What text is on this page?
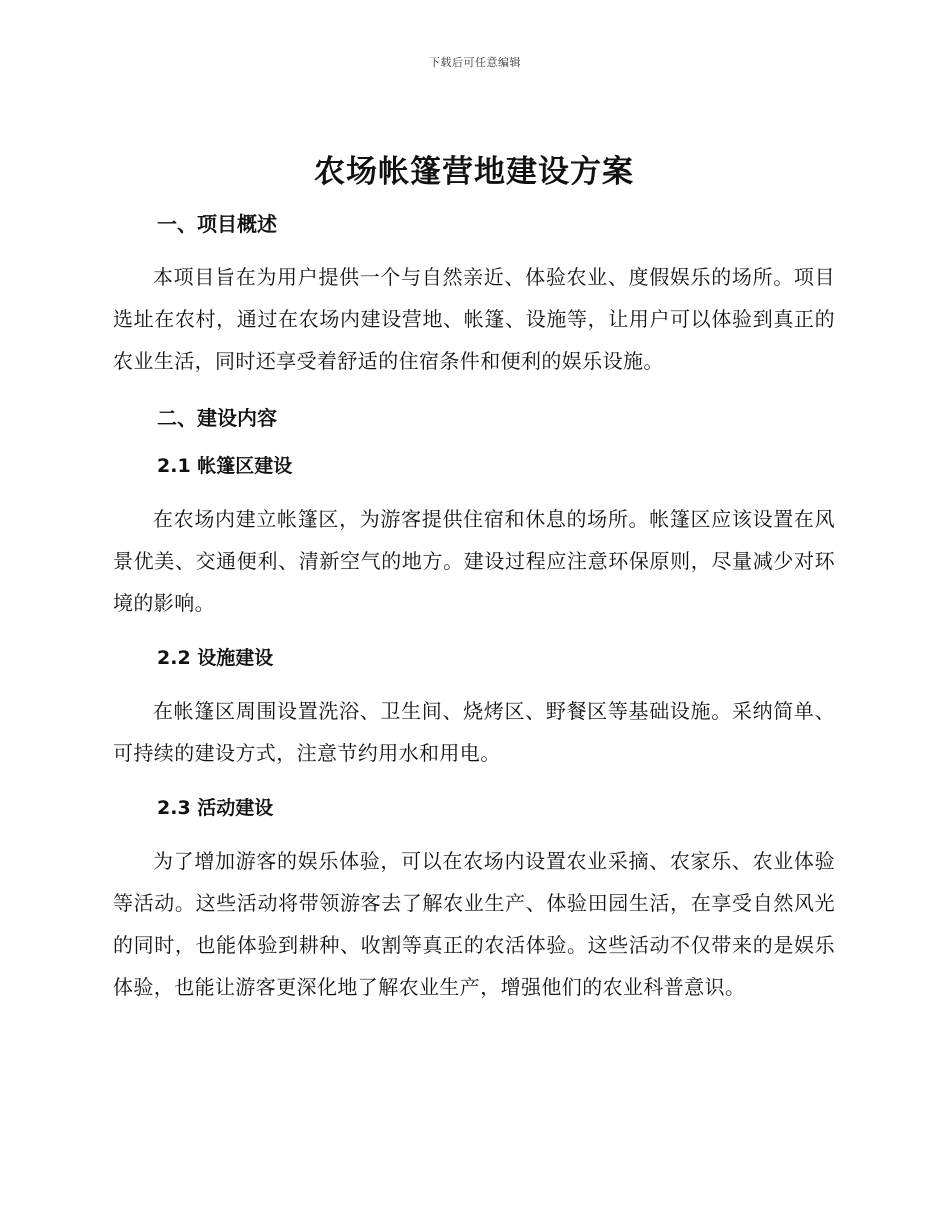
下载后可任意编辑
农场帐篷营地建设方案
一、项目概述

本项目旨在为用户提供一个与自然亲近、体验农业、度假娱乐的场所。项目选址在农村，通过在农场内建设营地、帐篷、设施等，让用户可以体验到真正的农业生活，同时还享受着舒适的住宿条件和便利的娱乐设施。

二、建设内容
2.1 帐篷区建设

在农场内建立帐篷区，为游客提供住宿和休息的场所。帐篷区应该设置在风景优美、交通便利、清新空气的地方。建设过程应注意环保原则，尽量减少对环境的影响。

2.2 设施建设

在帐篷区周围设置洗浴、卫生间、烧烤区、野餐区等基础设施。采纳简单、可持续的建设方式，注意节约用水和用电。

2.3 活动建设

为了增加游客的娱乐体验，可以在农场内设置农业采摘、农家乐、农业体验等活动。这些活动将带领游客去了解农业生产、体验田园生活，在享受自然风光的同时，也能体验到耕种、收割等真正的农活体验。这些活动不仅带来的是娱乐体验，也能让游客更深化地了解农业生产，增强他们的农业科普意识。
